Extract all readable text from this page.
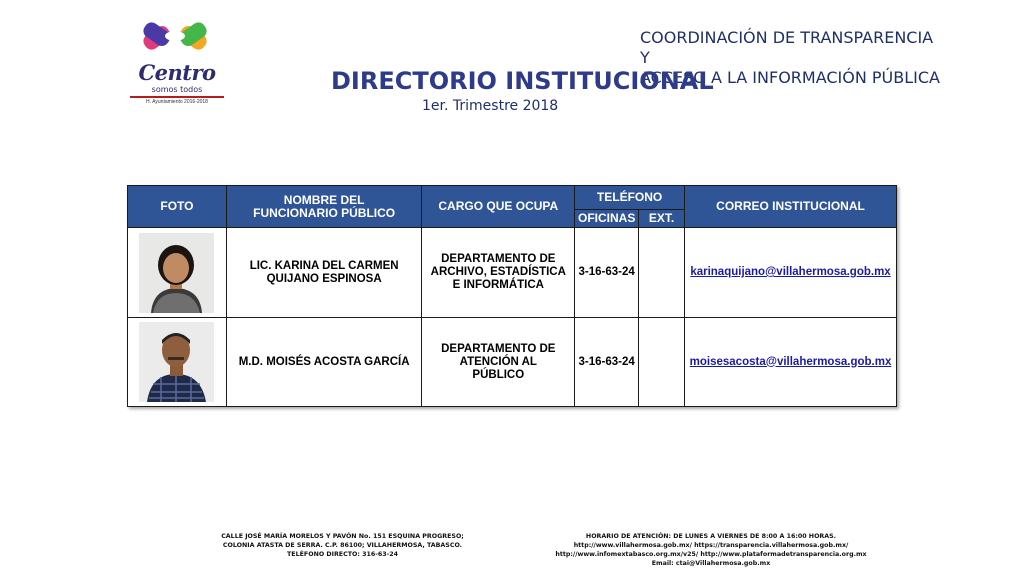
Centro
somos todos
H. Ayuntamiento 2016-2018
COORDINACIÓN DE TRANSPARENCIA Y
ACCESO A LA INFORMACIÓN PÚBLICA
DIRECTORIO INSTITUCIONAL
1er. Trimestre 2018
FOTO	NOMBRE DEL FUNCIONARIO PÚBLICO	CARGO QUE OCUPA	TELÉFONO		CORREO INSTITUCIONAL
			OFICINAS	EXT.	

	LIC. KARINA DEL CARMEN QUIJANO ESPINOSA	DEPARTAMENTO DE ARCHIVO, ESTADÍSTICA E INFORMÁTICA	3-16-63-24		karinaquijano@villahermosa.gob.mx

	M.D. MOISÉS ACOSTA GARCÍA	DEPARTAMENTO DE ATENCIÓN AL PÚBLICO	3-16-63-24		moisesacosta@villahermosa.gob.mx
CALLE JOSÉ MARÍA MORELOS Y PAVÓN No. 151 ESQUINA PROGRESO;
COLONIA ATASTA DE SERRA. C.P. 86100; VILLAHERMOSA, TABASCO.
TELÉFONO DIRECTO: 316-63-24
HORARIO DE ATENCIÓN: DE LUNES A VIERNES DE 8:00 A 16:00 HORAS.
http://www.villahermosa.gob.mx/ https://transparencia.villahermosa.gob.mx/
http://www.infomextabasco.org.mx/v25/ http://www.plataformadetransparencia.org.mx
Email: ctai@Villahermosa.gob.mx
